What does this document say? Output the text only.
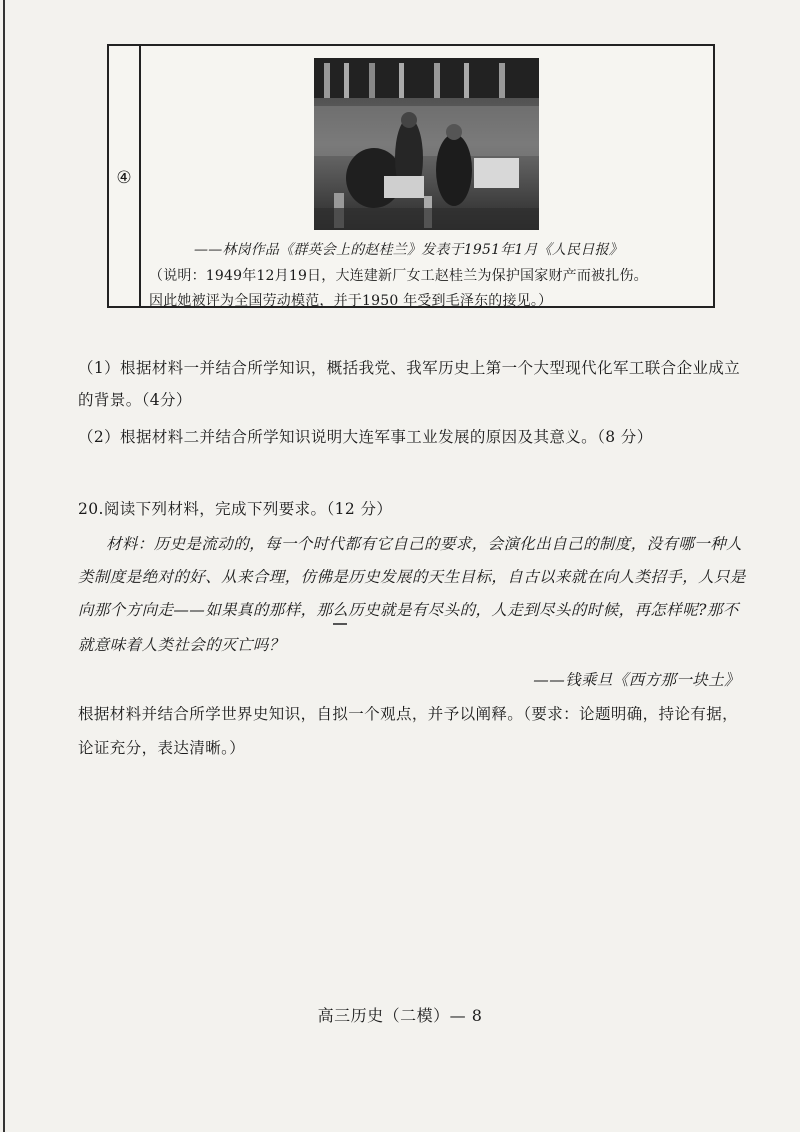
④
——林岗作品《群英会上的赵桂兰》发表于1951年1月《人民日报》
（说明：1949年12月19日，大连建新厂女工赵桂兰为保护国家财产而被扎伤。
因此她被评为全国劳动模范，并于1950 年受到毛泽东的接见。）
（1）根据材料一并结合所学知识，概括我党、我军历史上第一个大型现代化军工联合企业成立
的背景。（4分）
（2）根据材料二并结合所学知识说明大连军事工业发展的原因及其意义。（8 分）
20.阅读下列材料，完成下列要求。（12 分）
材料：历史是流动的，每一个时代都有它自己的要求，会演化出自己的制度，没有哪一种人
类制度是绝对的好、从来合理，仿佛是历史发展的天生目标，自古以来就在向人类招手，人只是
向那个方向走——如果真的那样，那么历史就是有尽头的，人走到尽头的时候，再怎样呢?那不
就意味着人类社会的灭亡吗？
——钱乘旦《西方那一块土》
根据材料并结合所学世界史知识，自拟一个观点，并予以阐释。（要求：论题明确，持论有据，
论证充分，表达清晰。）
高三历史（二模）— 8
